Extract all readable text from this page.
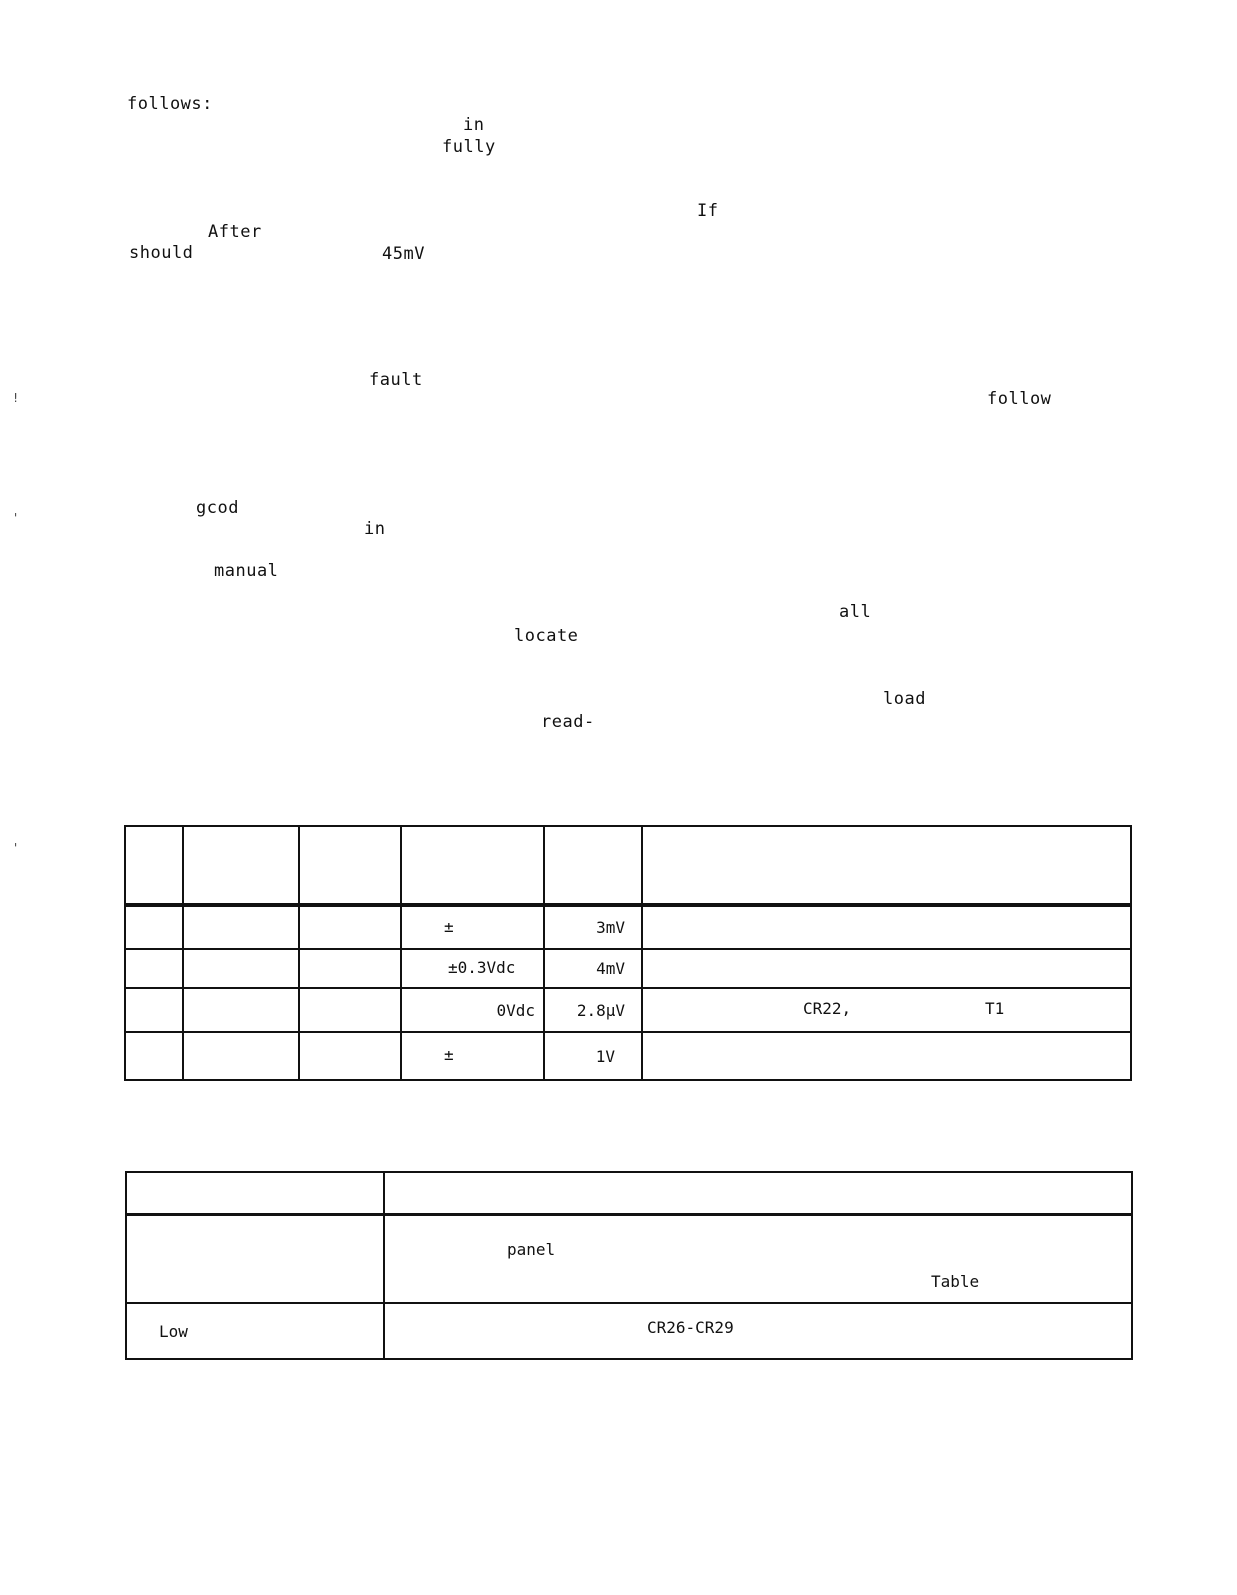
follows:
in
fully
If
After
should	45mV
fault
follow
gcod
in
manual
all
locate
load
read-
!
'
'

			±	3mV	

			±0.3Vdc	4mV	
			0Vdc	2.8µV	CR22, T1

			±	1V	

	panel
Table

Low	CR26-CR29
